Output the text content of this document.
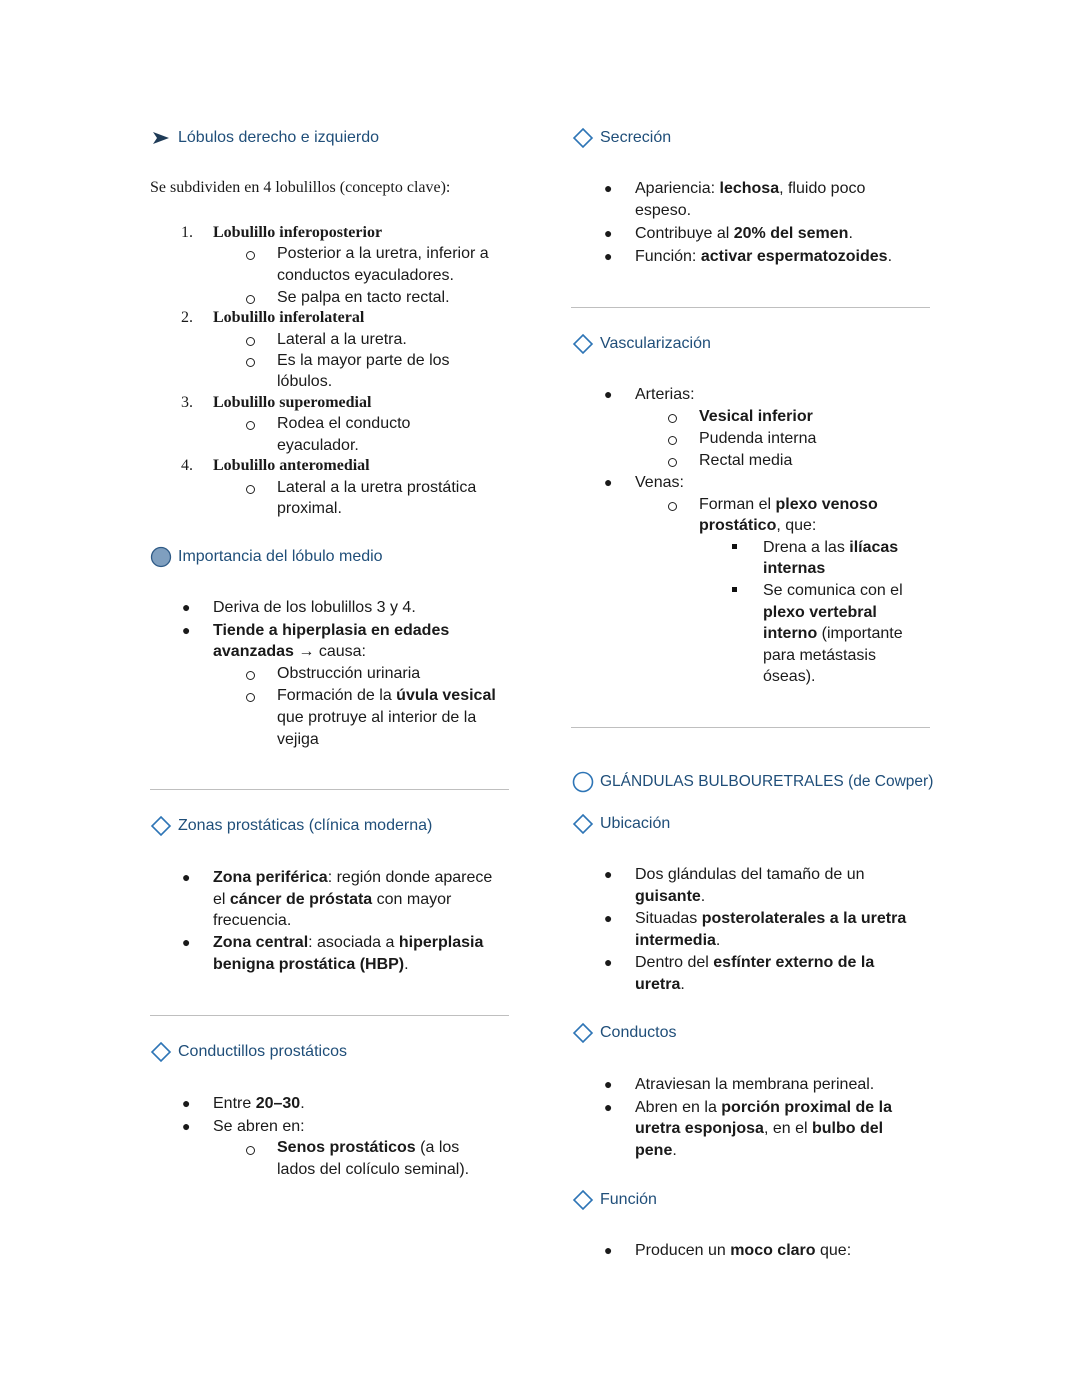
Lóbulos derecho e izquierdo
Se subdividen en 4 lobulillos (concepto clave):
1. Lobulillo inferoposterior
Posterior a la uretra, inferior a
conductos eyaculadores.
Se palpa en tacto rectal.
2. Lobulillo inferolateral
Lateral a la uretra.
Es la mayor parte de los
lóbulos.
3. Lobulillo superomedial
Rodea el conducto
eyaculador.
4. Lobulillo anteromedial
Lateral a la uretra prostática
proximal.
Importancia del lóbulo medio
● Deriva de los lobulillos 3 y 4.
● Tiende a hiperplasia en edades
avanzadas → causa:
Obstrucción urinaria
Formación de la úvula vesical
que protruye al interior de la
vejiga
Zonas prostáticas (clínica moderna)
● Zona periférica: región donde aparece
el cáncer de próstata con mayor
frecuencia.
● Zona central: asociada a hiperplasia
benigna prostática (HBP).
Conductillos prostáticos
● Entre 20–30.
● Se abren en:
Senos prostáticos (a los
lados del colículo seminal).
Secreción
● Apariencia: lechosa, fluido poco
espeso.
● Contribuye al 20% del semen.
● Función: activar espermatozoides.
Vascularización
● Arterias:
Vesical inferior
Pudenda interna
Rectal media
● Venas:
Forman el plexo venoso
prostático, que:
Drena a las ilíacas
internas
Se comunica con el
plexo vertebral
interno (importante
para metástasis
óseas).
GLÁNDULAS BULBOURETRALES (de Cowper)
Ubicación
● Dos glándulas del tamaño de un
guisante.
● Situadas posterolaterales a la uretra
intermedia.
● Dentro del esfínter externo de la
uretra.
Conductos
● Atraviesan la membrana perineal.
● Abren en la porción proximal de la
uretra esponjosa, en el bulbo del
pene.
Función
● Producen un moco claro que:
